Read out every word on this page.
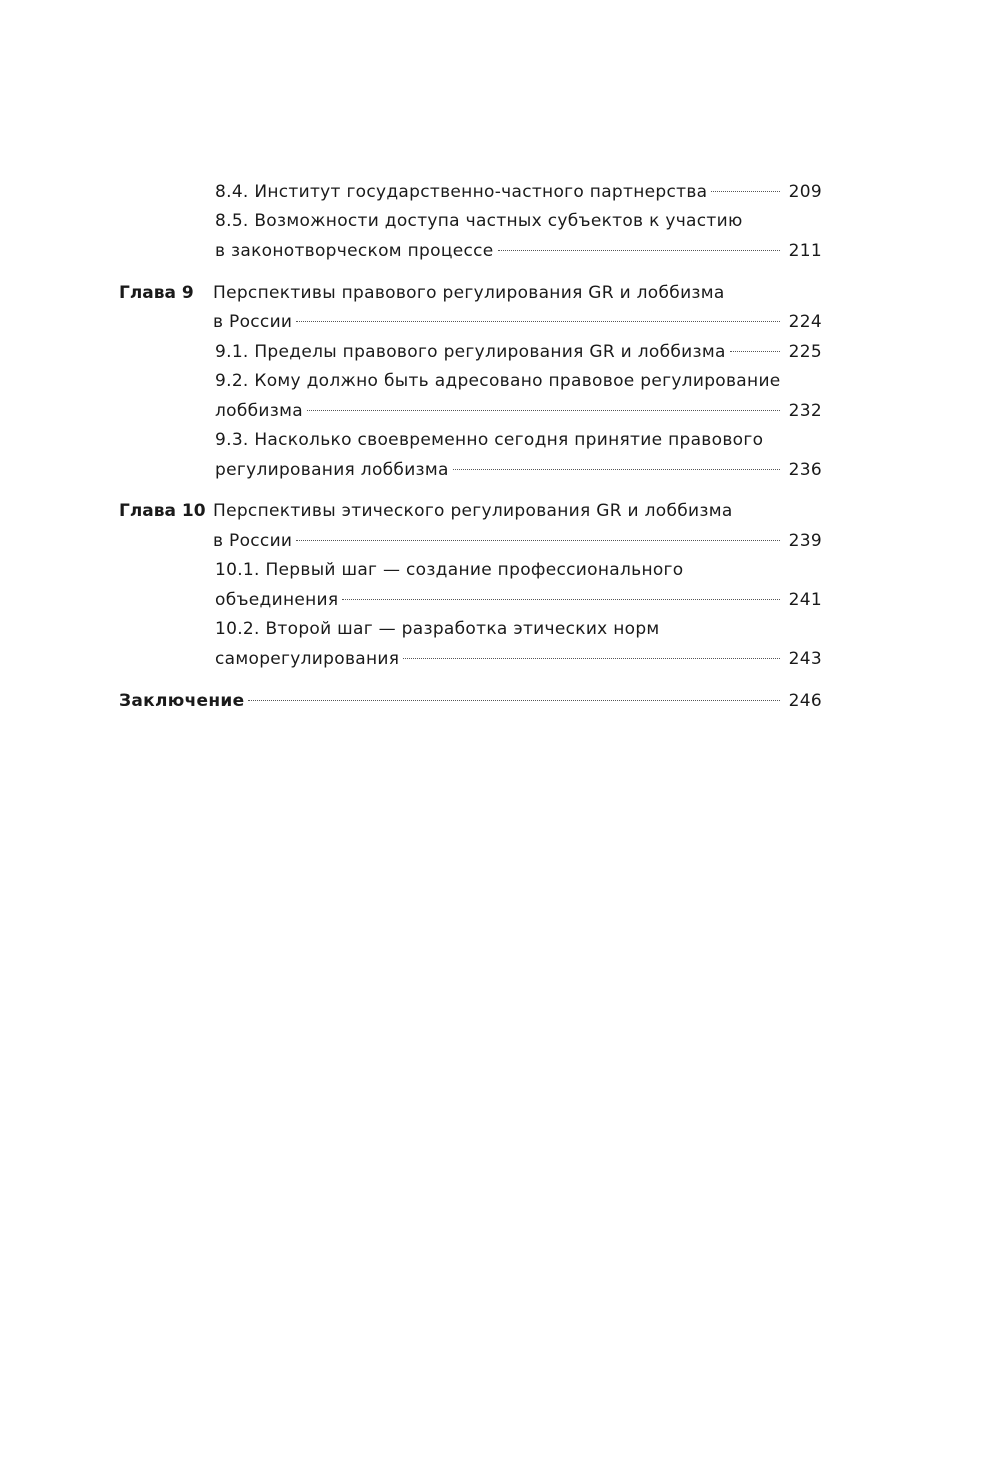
8.4. Институт государственно-частного партнерства	209
8.5. Возможности доступа частных субъектов к участию
в законотворческом процессе	211
Глава 9 Перспективы правового регулирования GR и лоббизма
в России	224
9.1. Пределы правового регулирования GR и лоббизма	225
9.2. Кому должно быть адресовано правовое регулирование
лоббизма	232
9.3. Насколько своевременно сегодня принятие правового
регулирования лоббизма	236
Глава 10 Перспективы этического регулирования GR и лоббизма
в России	239
10.1. Первый шаг — создание профессионального
объединения	241
10.2. Второй шаг — разработка этических норм
саморегулирования	243
Заключение	246
